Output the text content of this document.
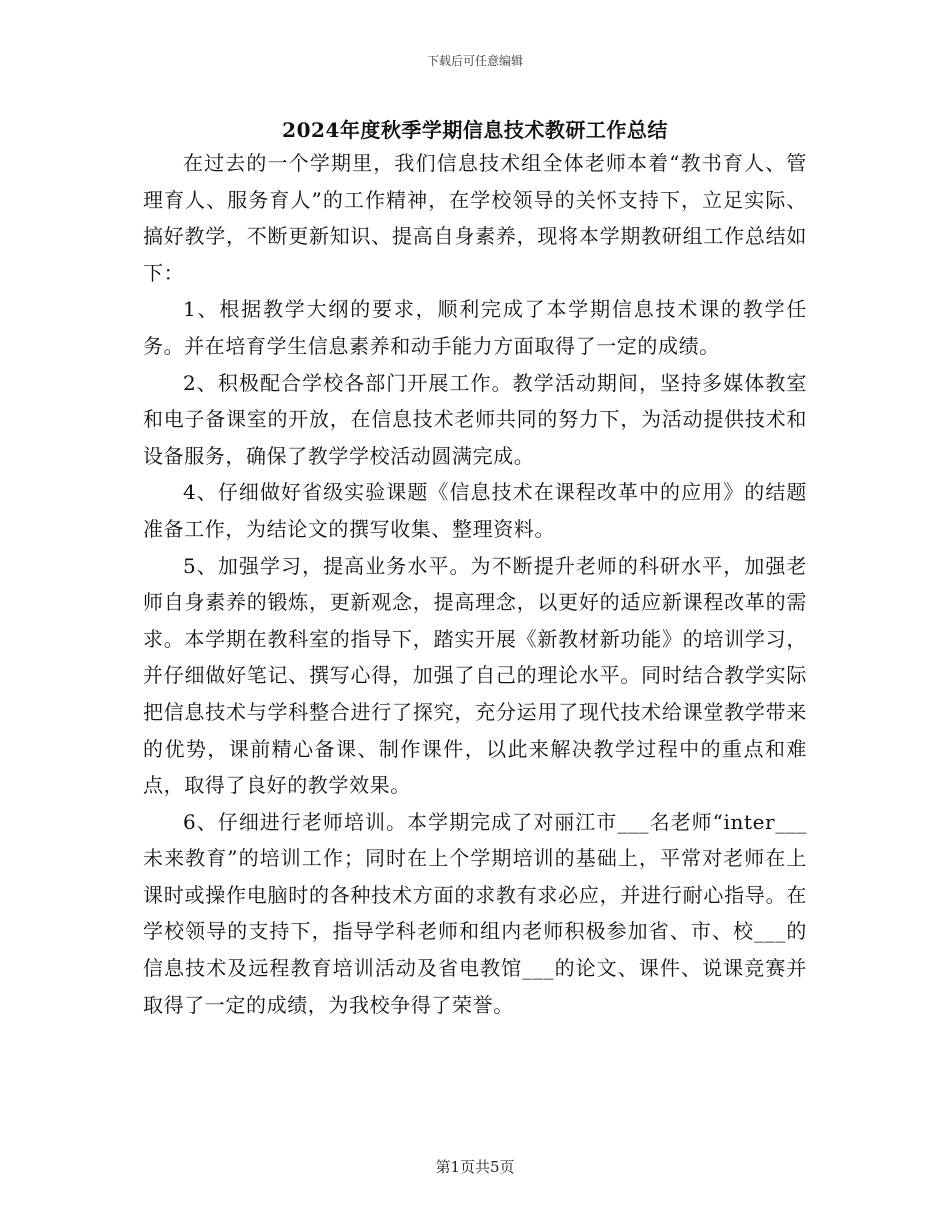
下载后可任意编辑
2024年度秋季学期信息技术教研工作总结

在过去的一个学期里，我们信息技术组全体老师本着“教书育人、管理育人、服务育人”的工作精神，在学校领导的关怀支持下，立足实际、搞好教学，不断更新知识、提高自身素养，现将本学期教研组工作总结如下：

1、根据教学大纲的要求，顺利完成了本学期信息技术课的教学任务。并在培育学生信息素养和动手能力方面取得了一定的成绩。

2、积极配合学校各部门开展工作。教学活动期间，坚持多媒体教室和电子备课室的开放，在信息技术老师共同的努力下，为活动提供技术和设备服务，确保了教学学校活动圆满完成。

4、仔细做好省级实验课题《信息技术在课程改革中的应用》的结题准备工作，为结论文的撰写收集、整理资料。

5、加强学习，提高业务水平。为不断提升老师的科研水平，加强老师自身素养的锻炼，更新观念，提高理念，以更好的适应新课程改革的需求。本学期在教科室的指导下，踏实开展《新教材新功能》的培训学习，并仔细做好笔记、撰写心得，加强了自己的理论水平。同时结合教学实际把信息技术与学科整合进行了探究，充分运用了现代技术给课堂教学带来的优势，课前精心备课、制作课件，以此来解决教学过程中的重点和难点，取得了良好的教学效果。

6、仔细进行老师培训。本学期完成了对丽江市___名老师“inter___未来教育”的培训工作；同时在上个学期培训的基础上，平常对老师在上课时或操作电脑时的各种技术方面的求教有求必应，并进行耐心指导。在学校领导的支持下，指导学科老师和组内老师积极参加省、市、校___的信息技术及远程教育培训活动及省电教馆___的论文、课件、说课竞赛并取得了一定的成绩，为我校争得了荣誉。

第1页共5页
